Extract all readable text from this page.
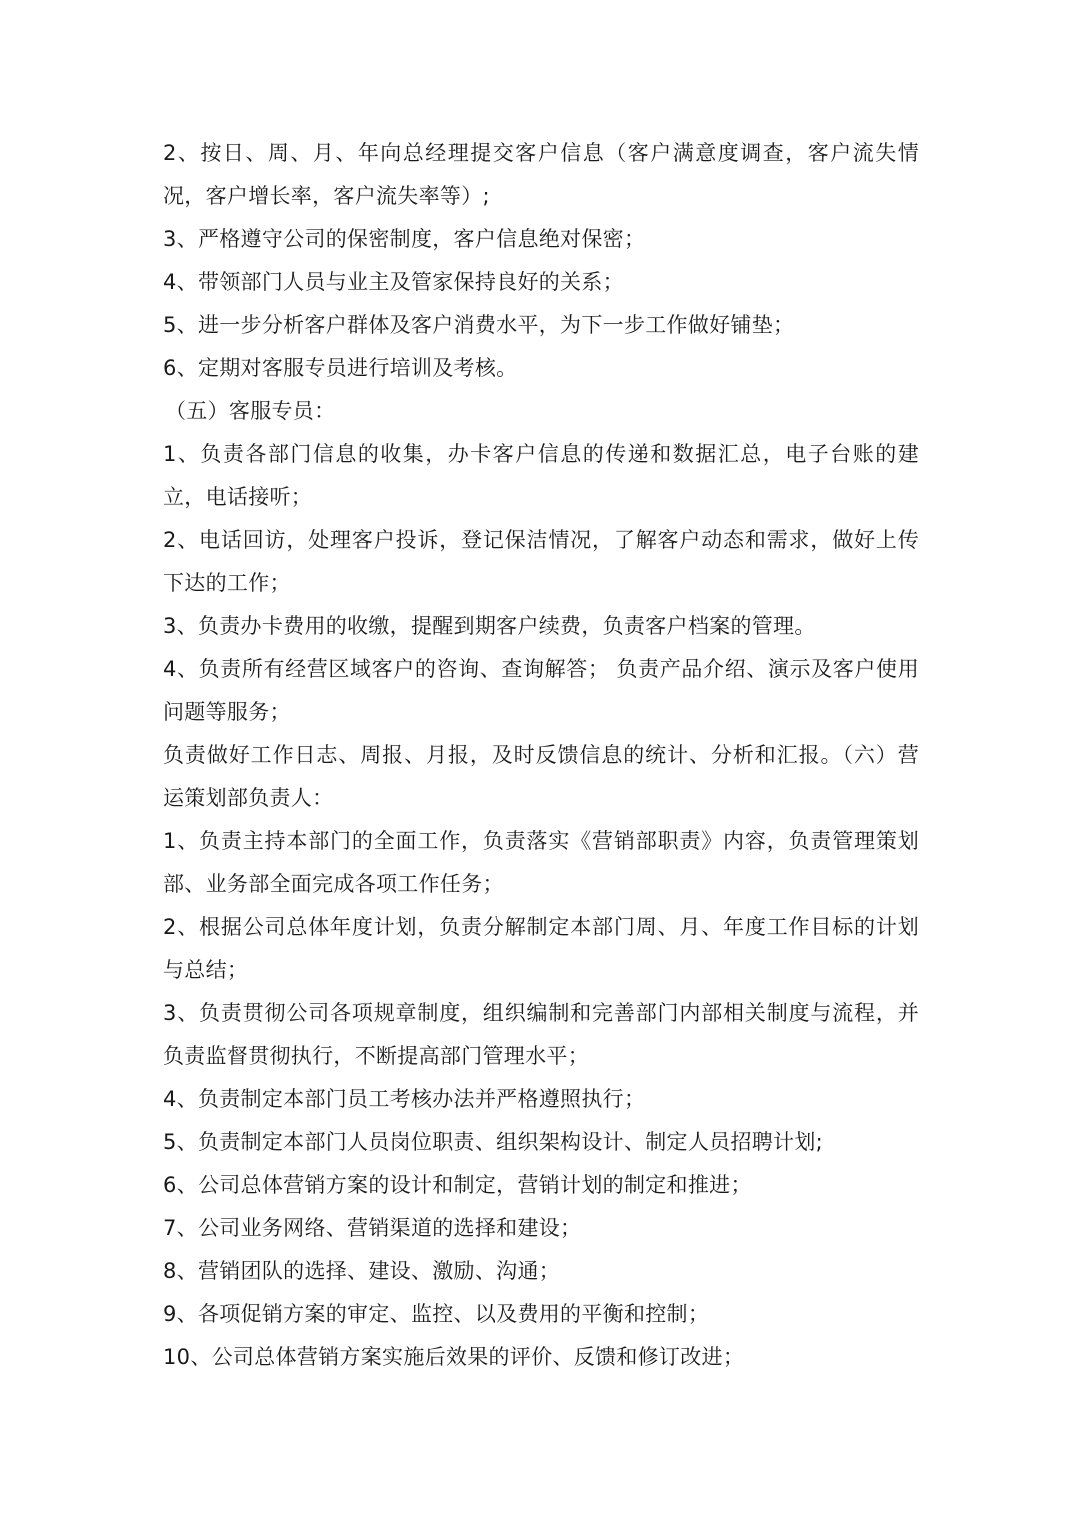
2、按日、周、月、年向总经理提交客户信息（客户满意度调查，客户流失情况，客户增长率，客户流失率等）;

3、严格遵守公司的保密制度，客户信息绝对保密；

4、带领部门人员与业主及管家保持良好的关系；

5、进一步分析客户群体及客户消费水平，为下一步工作做好铺垫；

6、定期对客服专员进行培训及考核。

（五）客服专员：

1、负责各部门信息的收集，办卡客户信息的传递和数据汇总，电子台账的建立，电话接听；

2、电话回访，处理客户投诉，登记保洁情况，了解客户动态和需求，做好上传下达的工作；

3、负责办卡费用的收缴，提醒到期客户续费，负责客户档案的管理。

4、负责所有经营区域客户的咨询、查询解答； 负责产品介绍、演示及客户使用问题等服务；

负责做好工作日志、周报、月报，及时反馈信息的统计、分析和汇报。（六）营运策划部负责人：

1、负责主持本部门的全面工作，负责落实《营销部职责》内容，负责管理策划部、业务部全面完成各项工作任务；

2、根据公司总体年度计划，负责分解制定本部门周、月、年度工作目标的计划与总结；

3、负责贯彻公司各项规章制度，组织编制和完善部门内部相关制度与流程，并负责监督贯彻执行，不断提高部门管理水平；

4、负责制定本部门员工考核办法并严格遵照执行；

5、负责制定本部门人员岗位职责、组织架构设计、制定人员招聘计划;

6、公司总体营销方案的设计和制定，营销计划的制定和推进；

7、公司业务网络、营销渠道的选择和建设；

8、营销团队的选择、建设、激励、沟通；

9、各项促销方案的审定、监控、以及费用的平衡和控制；

10、公司总体营销方案实施后效果的评价、反馈和修订改进；
